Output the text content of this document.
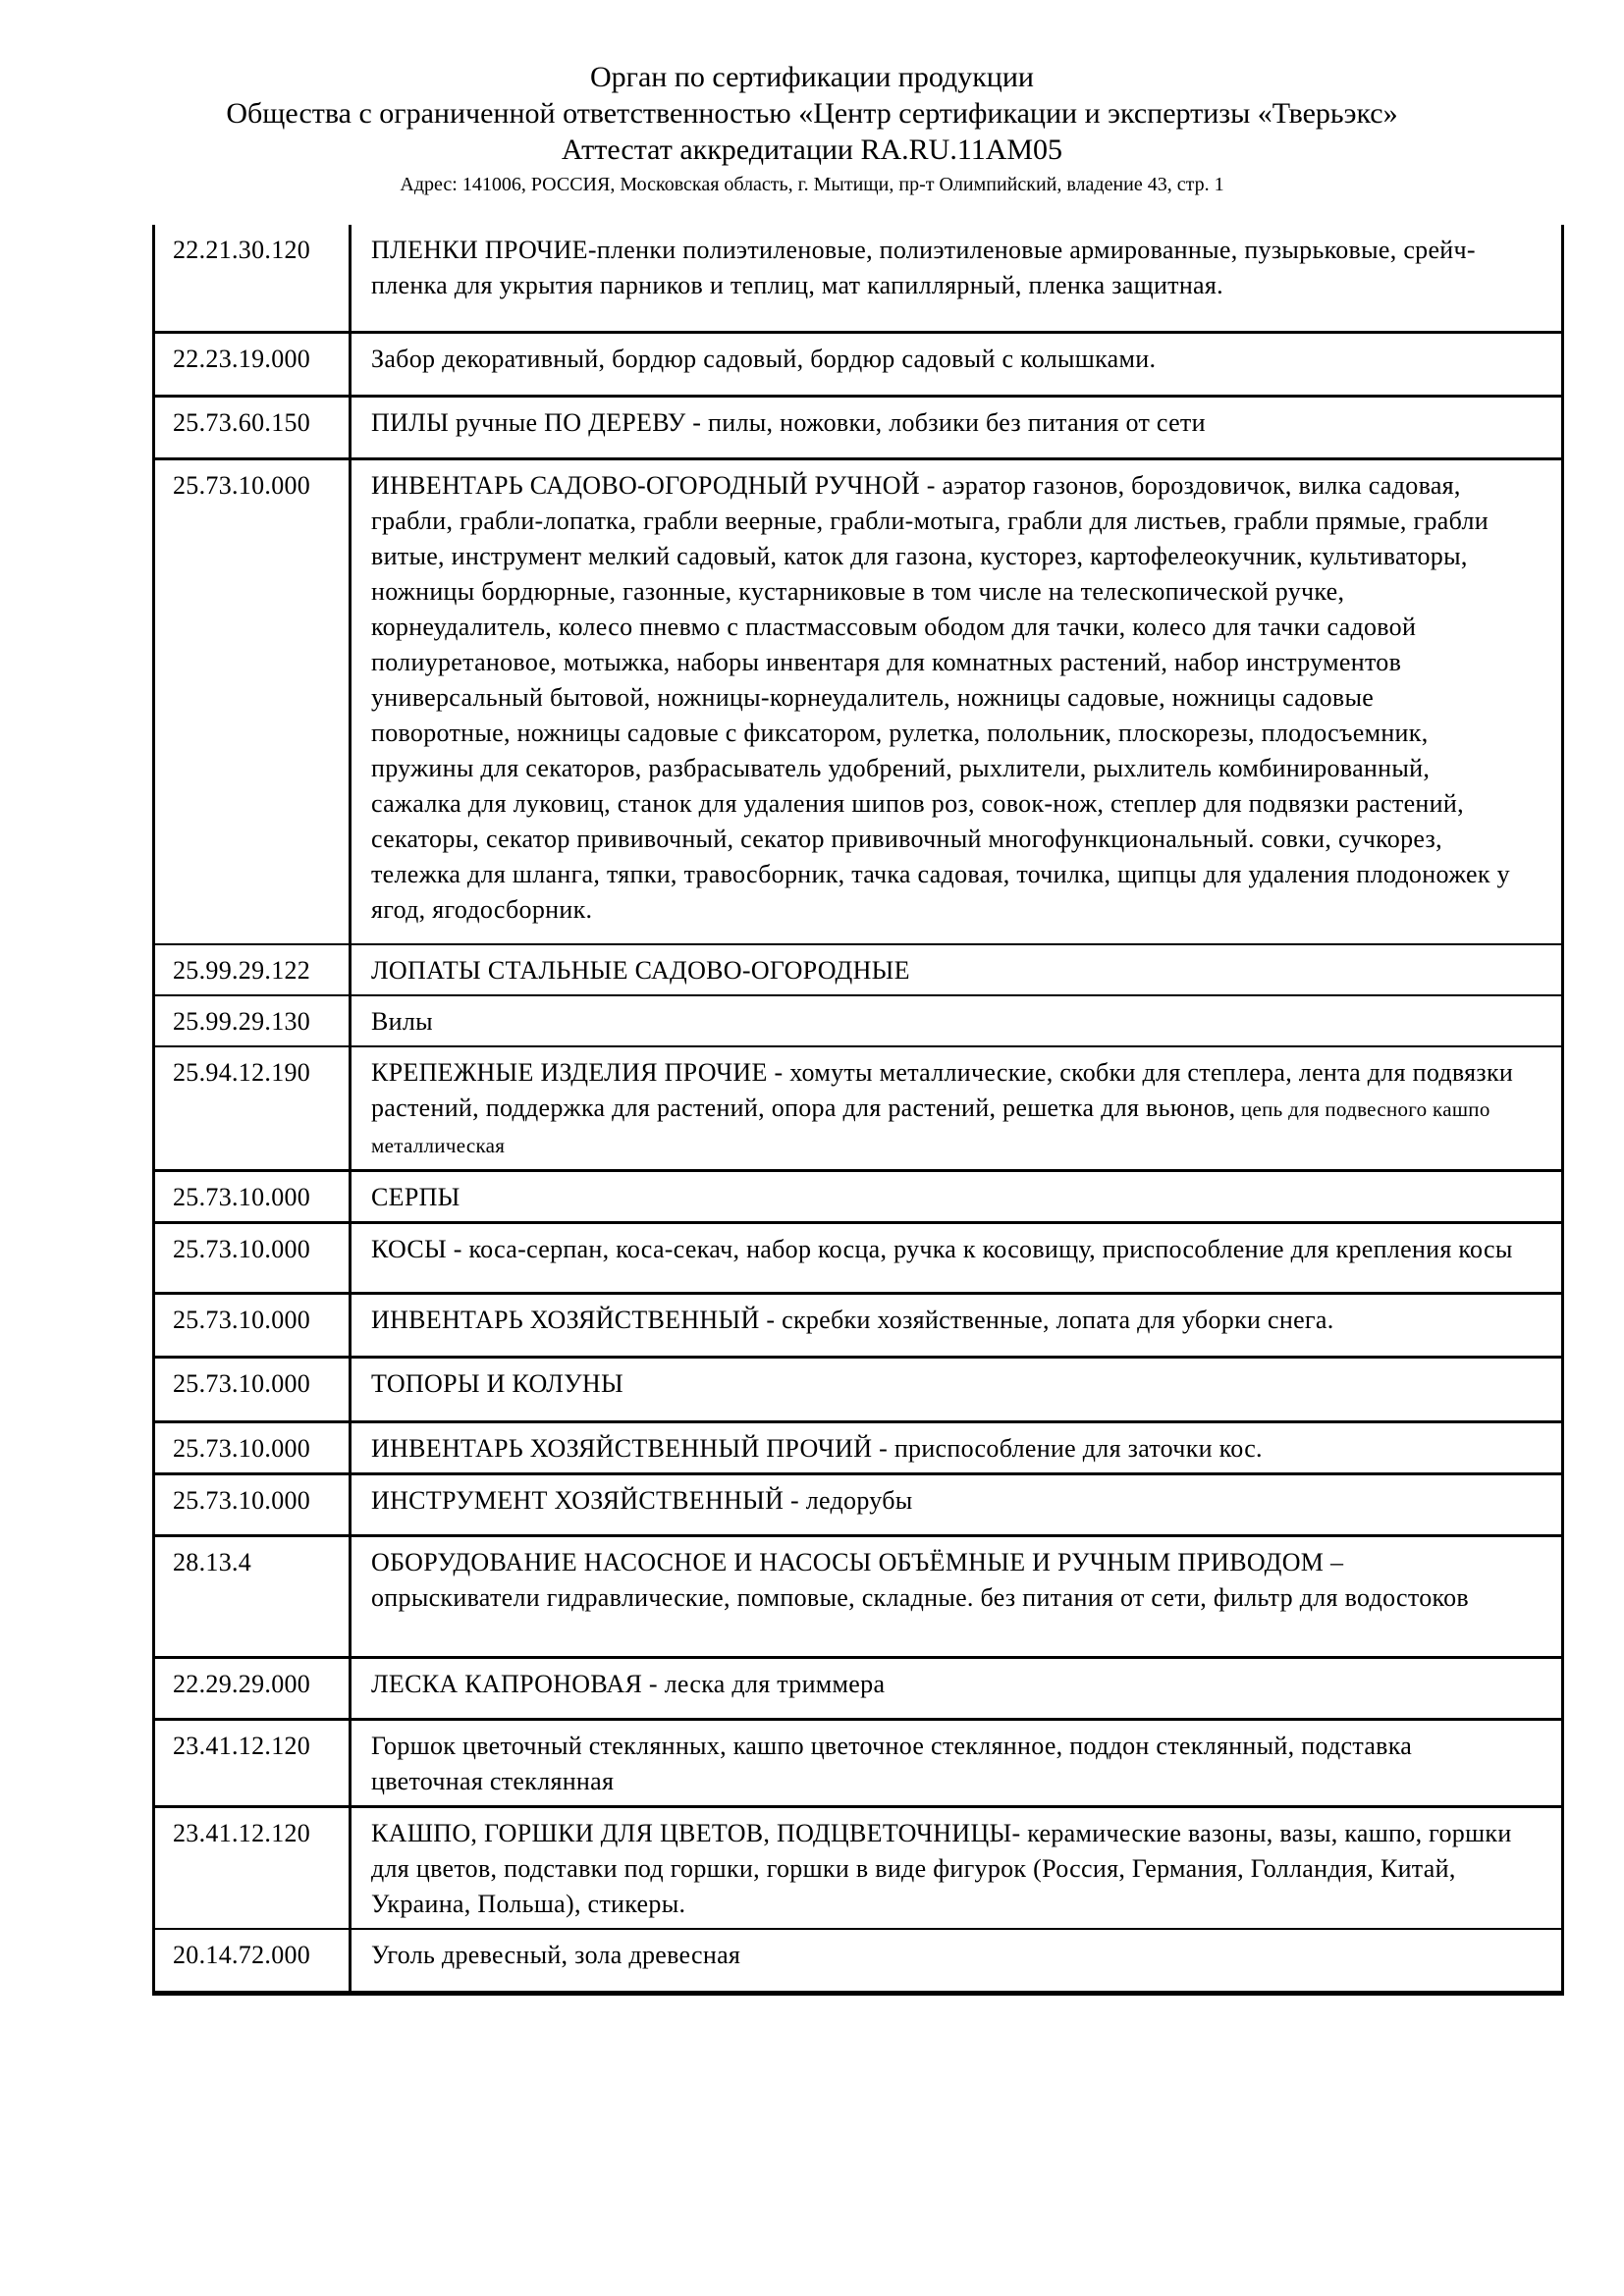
Орган по сертификации продукции
Общества с ограниченной ответственностью «Центр сертификации и экспертизы «Тверьэкс»
Аттестат аккредитации RA.RU.11АМ05
Адрес: 141006, РОССИЯ, Московская область, г. Мытищи, пр-т Олимпийский, владение 43, стр. 1
22.21.30.120	ПЛЕНКИ ПРОЧИЕ-пленки полиэтиленовые, полиэтиленовые армированные, пузырьковые, срейч-пленка для укрытия парников и теплиц, мат капиллярный, пленка защитная.
22.23.19.000	Забор декоративный, бордюр садовый, бордюр садовый с колышками.
25.73.60.150	ПИЛЫ ручные ПО ДЕРЕВУ - пилы, ножовки, лобзики без питания от сети
25.73.10.000	ИНВЕНТАРЬ САДОВО-ОГОРОДНЫЙ РУЧНОЙ - аэратор газонов, бороздовичок, вилка садовая, грабли, грабли-лопатка, грабли веерные, грабли-мотыга, грабли для листьев, грабли прямые, грабли витые, инструмент мелкий садовый, каток для газона, кусторез, картофелеокучник, культиваторы, ножницы бордюрные, газонные, кустарниковые в том числе на телескопической ручке, корнеудалитель, колесо пневмо с пластмассовым ободом для тачки, колесо для тачки садовой полиуретановое, мотыжка, наборы инвентаря для комнатных растений, набор инструментов универсальный бытовой, ножницы-корнеудалитель, ножницы садовые, ножницы садовые поворотные, ножницы садовые с фиксатором, рулетка, полольник, плоскорезы, плодосъемник, пружины для секаторов, разбрасыватель удобрений, рыхлители, рыхлитель комбинированный, сажалка для луковиц, станок для удаления шипов роз, совок-нож, степлер для подвязки растений, секаторы, секатор прививочный, секатор прививочный многофункциональный. совки, сучкорез, тележка для шланга, тяпки, травосборник, тачка садовая, точилка, щипцы для удаления плодоножек у ягод, ягодосборник.
25.99.29.122	ЛОПАТЫ СТАЛЬНЫЕ САДОВО-ОГОРОДНЫЕ
25.99.29.130	Вилы
25.94.12.190	КРЕПЕЖНЫЕ ИЗДЕЛИЯ ПРОЧИЕ - хомуты металлические, скобки для степлера, лента для подвязки растений, поддержка для растений, опора для растений, решетка для вьюнов, цепь для подвесного кашпо металлическая
25.73.10.000	СЕРПЫ
25.73.10.000	КОСЫ - коса-серпан, коса-секач, набор косца, ручка к косовищу, приспособление для крепления косы
25.73.10.000	ИНВЕНТАРЬ ХОЗЯЙСТВЕННЫЙ - скребки хозяйственные, лопата для уборки снега.
25.73.10.000	ТОПОРЫ И КОЛУНЫ
25.73.10.000	ИНВЕНТАРЬ ХОЗЯЙСТВЕННЫЙ ПРОЧИЙ - приспособление для заточки кос.
25.73.10.000	ИНСТРУМЕНТ ХОЗЯЙСТВЕННЫЙ - ледорубы
28.13.4	ОБОРУДОВАНИЕ НАСОСНОЕ И НАСОСЫ ОБЪЁМНЫЕ И РУЧНЫМ ПРИВОДОМ – опрыскиватели гидравлические, помповые, складные. без питания от сети, фильтр для водостоков
22.29.29.000	ЛЕСКА КАПРОНОВАЯ - леска для триммера
23.41.12.120	Горшок цветочный стеклянных, кашпо цветочное стеклянное, поддон стеклянный, подставка цветочная стеклянная
23.41.12.120	КАШПО, ГОРШКИ ДЛЯ ЦВЕТОВ, ПОДЦВЕТОЧНИЦЫ- керамические вазоны, вазы, кашпо, горшки для цветов, подставки под горшки, горшки в виде фигурок (Россия, Германия, Голландия, Китай, Украина, Польша), стикеры.
20.14.72.000	Уголь древесный, зола древесная
